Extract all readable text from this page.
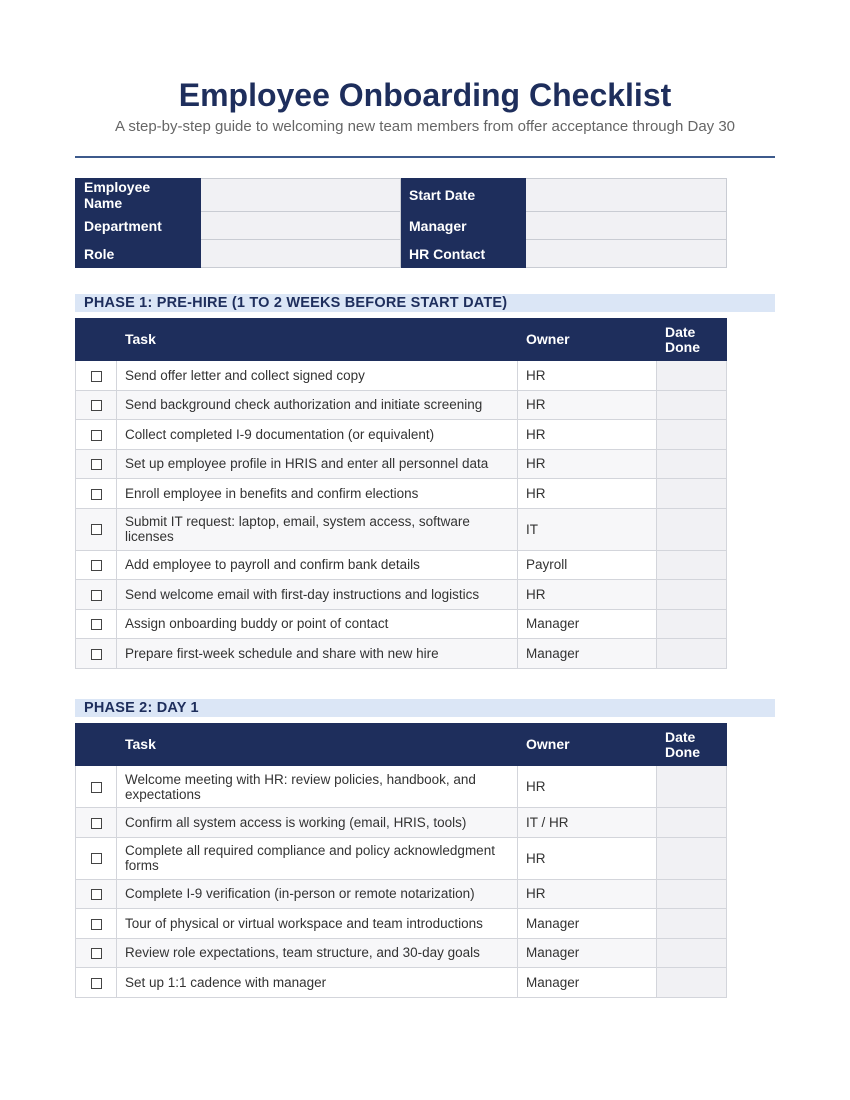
Employee Onboarding Checklist

A step-by-step guide to welcoming new team members from offer acceptance through Day 30

Employee Name		Start Date	
Department		Manager	
Role		HR Contact	
PHASE 1: PRE-HIRE (1 TO 2 WEEKS BEFORE START DATE)
	Task	Owner	Date Done
	Send offer letter and collect signed copy	HR	
	Send background check authorization and initiate screening	HR	
	Collect completed I-9 documentation (or equivalent)	HR	
	Set up employee profile in HRIS and enter all personnel data	HR	
	Enroll employee in benefits and confirm elections	HR	
	Submit IT request: laptop, email, system access, software licenses	IT	
	Add employee to payroll and confirm bank details	Payroll	
	Send welcome email with first-day instructions and logistics	HR	
	Assign onboarding buddy or point of contact	Manager	
	Prepare first-week schedule and share with new hire	Manager	
PHASE 2: DAY 1
	Task	Owner	Date Done
	Welcome meeting with HR: review policies, handbook, and expectations	HR	
	Confirm all system access is working (email, HRIS, tools)	IT / HR	
	Complete all required compliance and policy acknowledgment forms	HR	
	Complete I-9 verification (in-person or remote notarization)	HR	
	Tour of physical or virtual workspace and team introductions	Manager	
	Review role expectations, team structure, and 30-day goals	Manager	
	Set up 1:1 cadence with manager	Manager	
